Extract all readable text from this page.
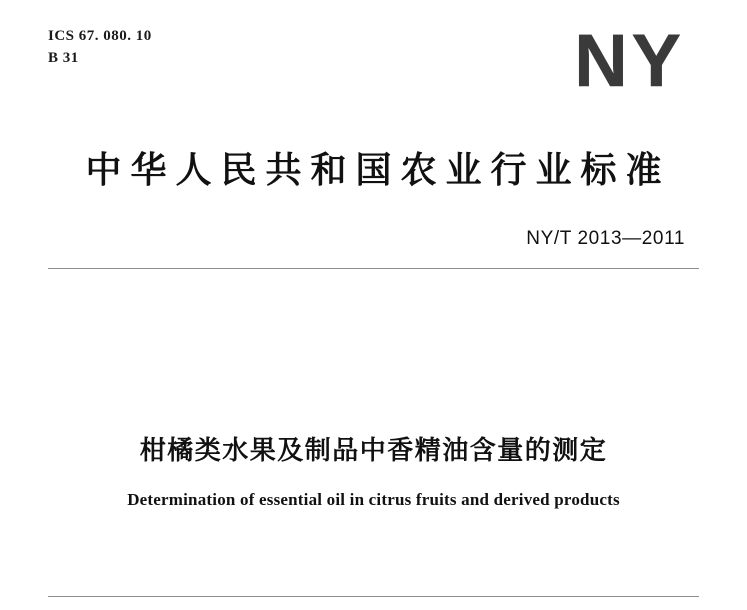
ICS 67. 080. 10
B 31	NY
中华人民共和国农业行业标准
NY/T 2013—2011
柑橘类水果及制品中香精油含量的测定
Determination of essential oil in citrus fruits and derived products
